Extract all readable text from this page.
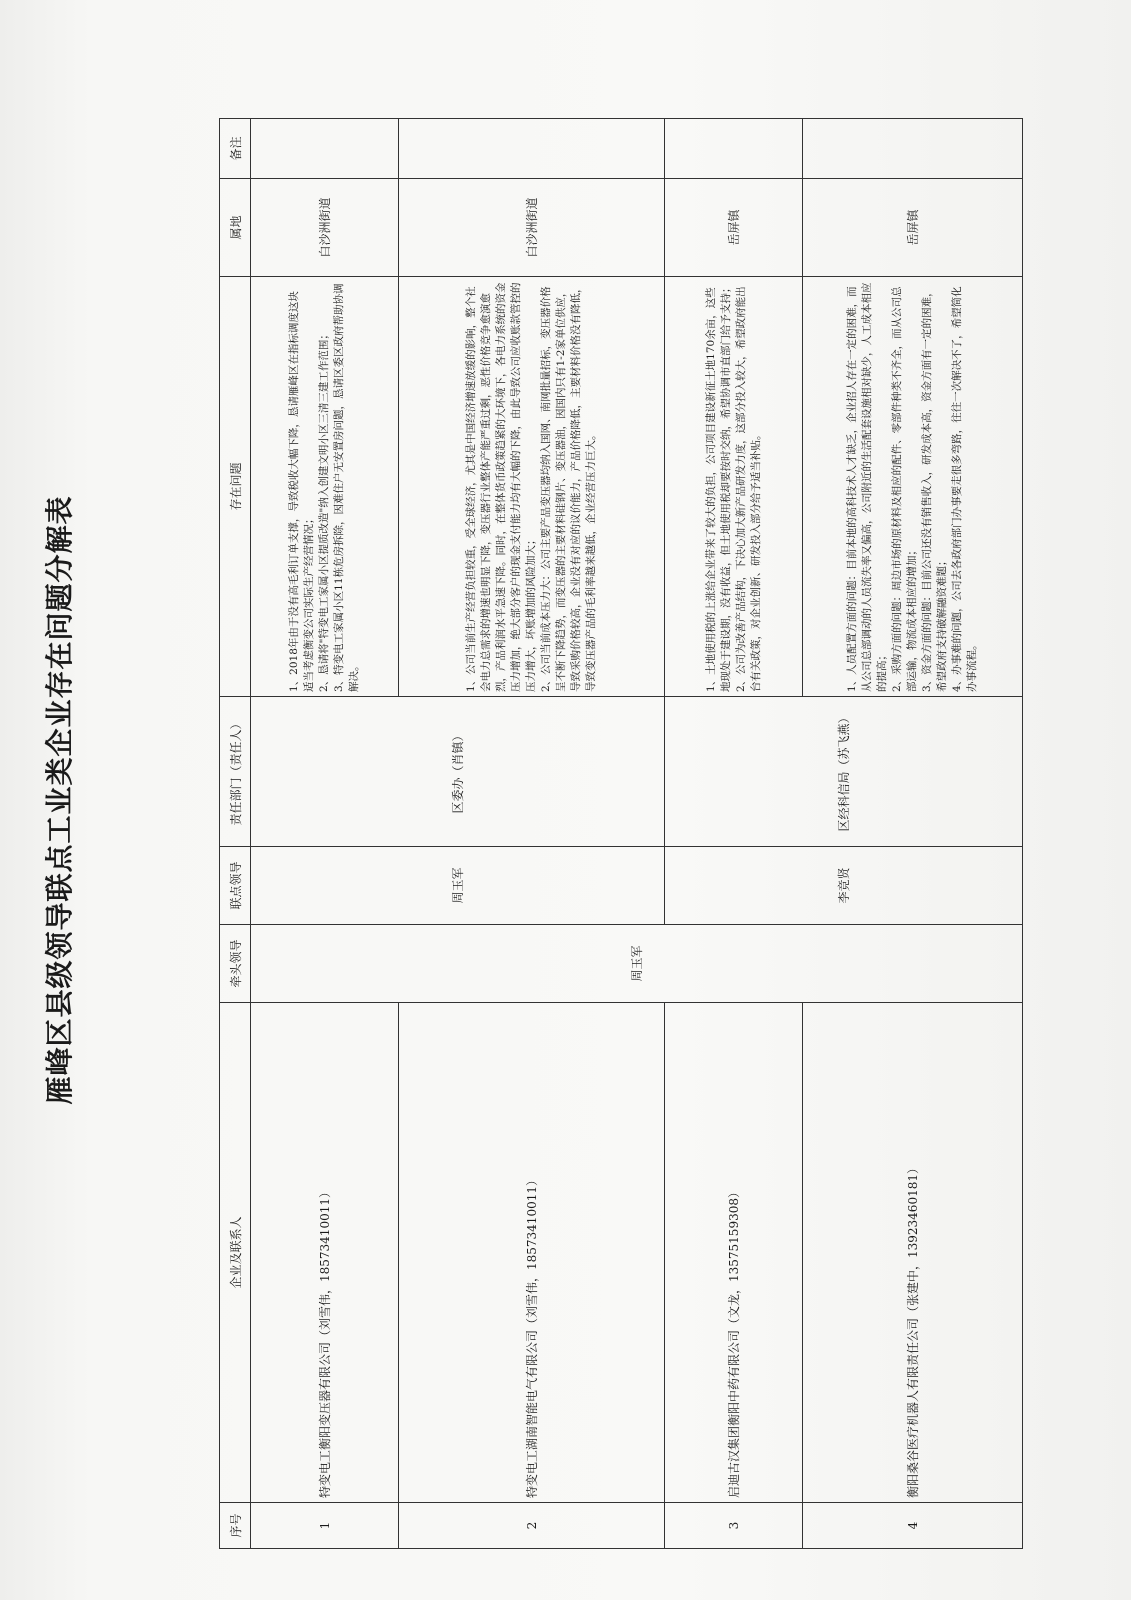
雁峰区县级领导联点工业类企业存在问题分解表
序号	企业及联系人	牵头领导	联点领导	责任部门（责任人）	存在问题	属地	备注
1	特变电工衡阳变压器有限公司（刘雪伟，18573410011）	周玉军	周玉军	区委办（肖镇）	1、2018年由于没有高毛利订单支撑，导致税收大幅下降，恳请雁峰区在指标调度这块适当考虑衡变公司实际生产经营情况； 2、恳请将"特变电工家属小区提质改造"纳入创建文明小区三清三建工作范围； 3、特变电工家属小区11栋危房拆除，因难住户无安置房问题，恳请区委区政府帮助协调解决。	白沙洲街道	
2	特变电工湖南智能电气有限公司（刘雪伟，18573410011）				1、公司当前生产经营负担较重，受全球经济，尤其是中国经济增速放缓的影响，整个社会电力总需求的增速也明显下降，变压器行业整体产能严重过剩，恶性价格竞争愈演愈烈，产品利润水平急速下降。同时，在整体货币政策趋紧的大环境下，各电力系统的资金压力增加，绝大部分客户的现金支付能力均有大幅的下降，由此导致公司应收账款管控的压力增大，坏账增加的风险加大； 2、公司当前成本压力大：公司主要产品变压器均纳入国网、南网批量招标，变压器价格呈不断下降趋势，而变压器的主要材料硅钢片、变压器油，因国内只有1-2家单位供应，导致采购价格较高，企业没有对应的议价能力，产品价格降低，主要材料价格没有降低，导致变压器产品的毛利率越来越低，企业经营压力巨大。	白沙洲街道	
3	启迪古汉集团衡阳中药有限公司（文龙，13575159308）		李竞贤	区经科信局（苏飞燕）	1、土地使用税的上涨给企业带来了较大的负担，公司项目建设新征土地170余亩，这些地现处于建设期，没有收益，但土地使用税却要按时交纳，希望协调市直部门给予支持； 2、公司为改善产品结构，下决心加大新产品研发力度，这部分投入较大，希望政府能出台有关政策，对企业创新、研发投入部分给予适当补贴。	岳屏镇	
4	衡阳桑谷医疗机器人有限责任公司（张建中，13923460181）				1、人员配置方面的问题：目前本地的高科技术人才缺乏，企业招人存在一定的困难，而从公司总部调动的人员流失率又偏高，公司附近的生活配套设施相对缺少，人工成本相应的提高； 2、采购方面的问题：周边市场的原材料及相应的配件、零部件种类不齐全，而从公司总部运输，物流成本相应的增加； 3、资金方面的问题：目前公司还没有销售收入，研发成本高，资金方面有一定的困难，希望政府支持破解融资难题； 4、办事难的问题，公司去各政府部门办事要走很多弯路，往往一次解决不了，希望简化办事流程。	岳屏镇	
